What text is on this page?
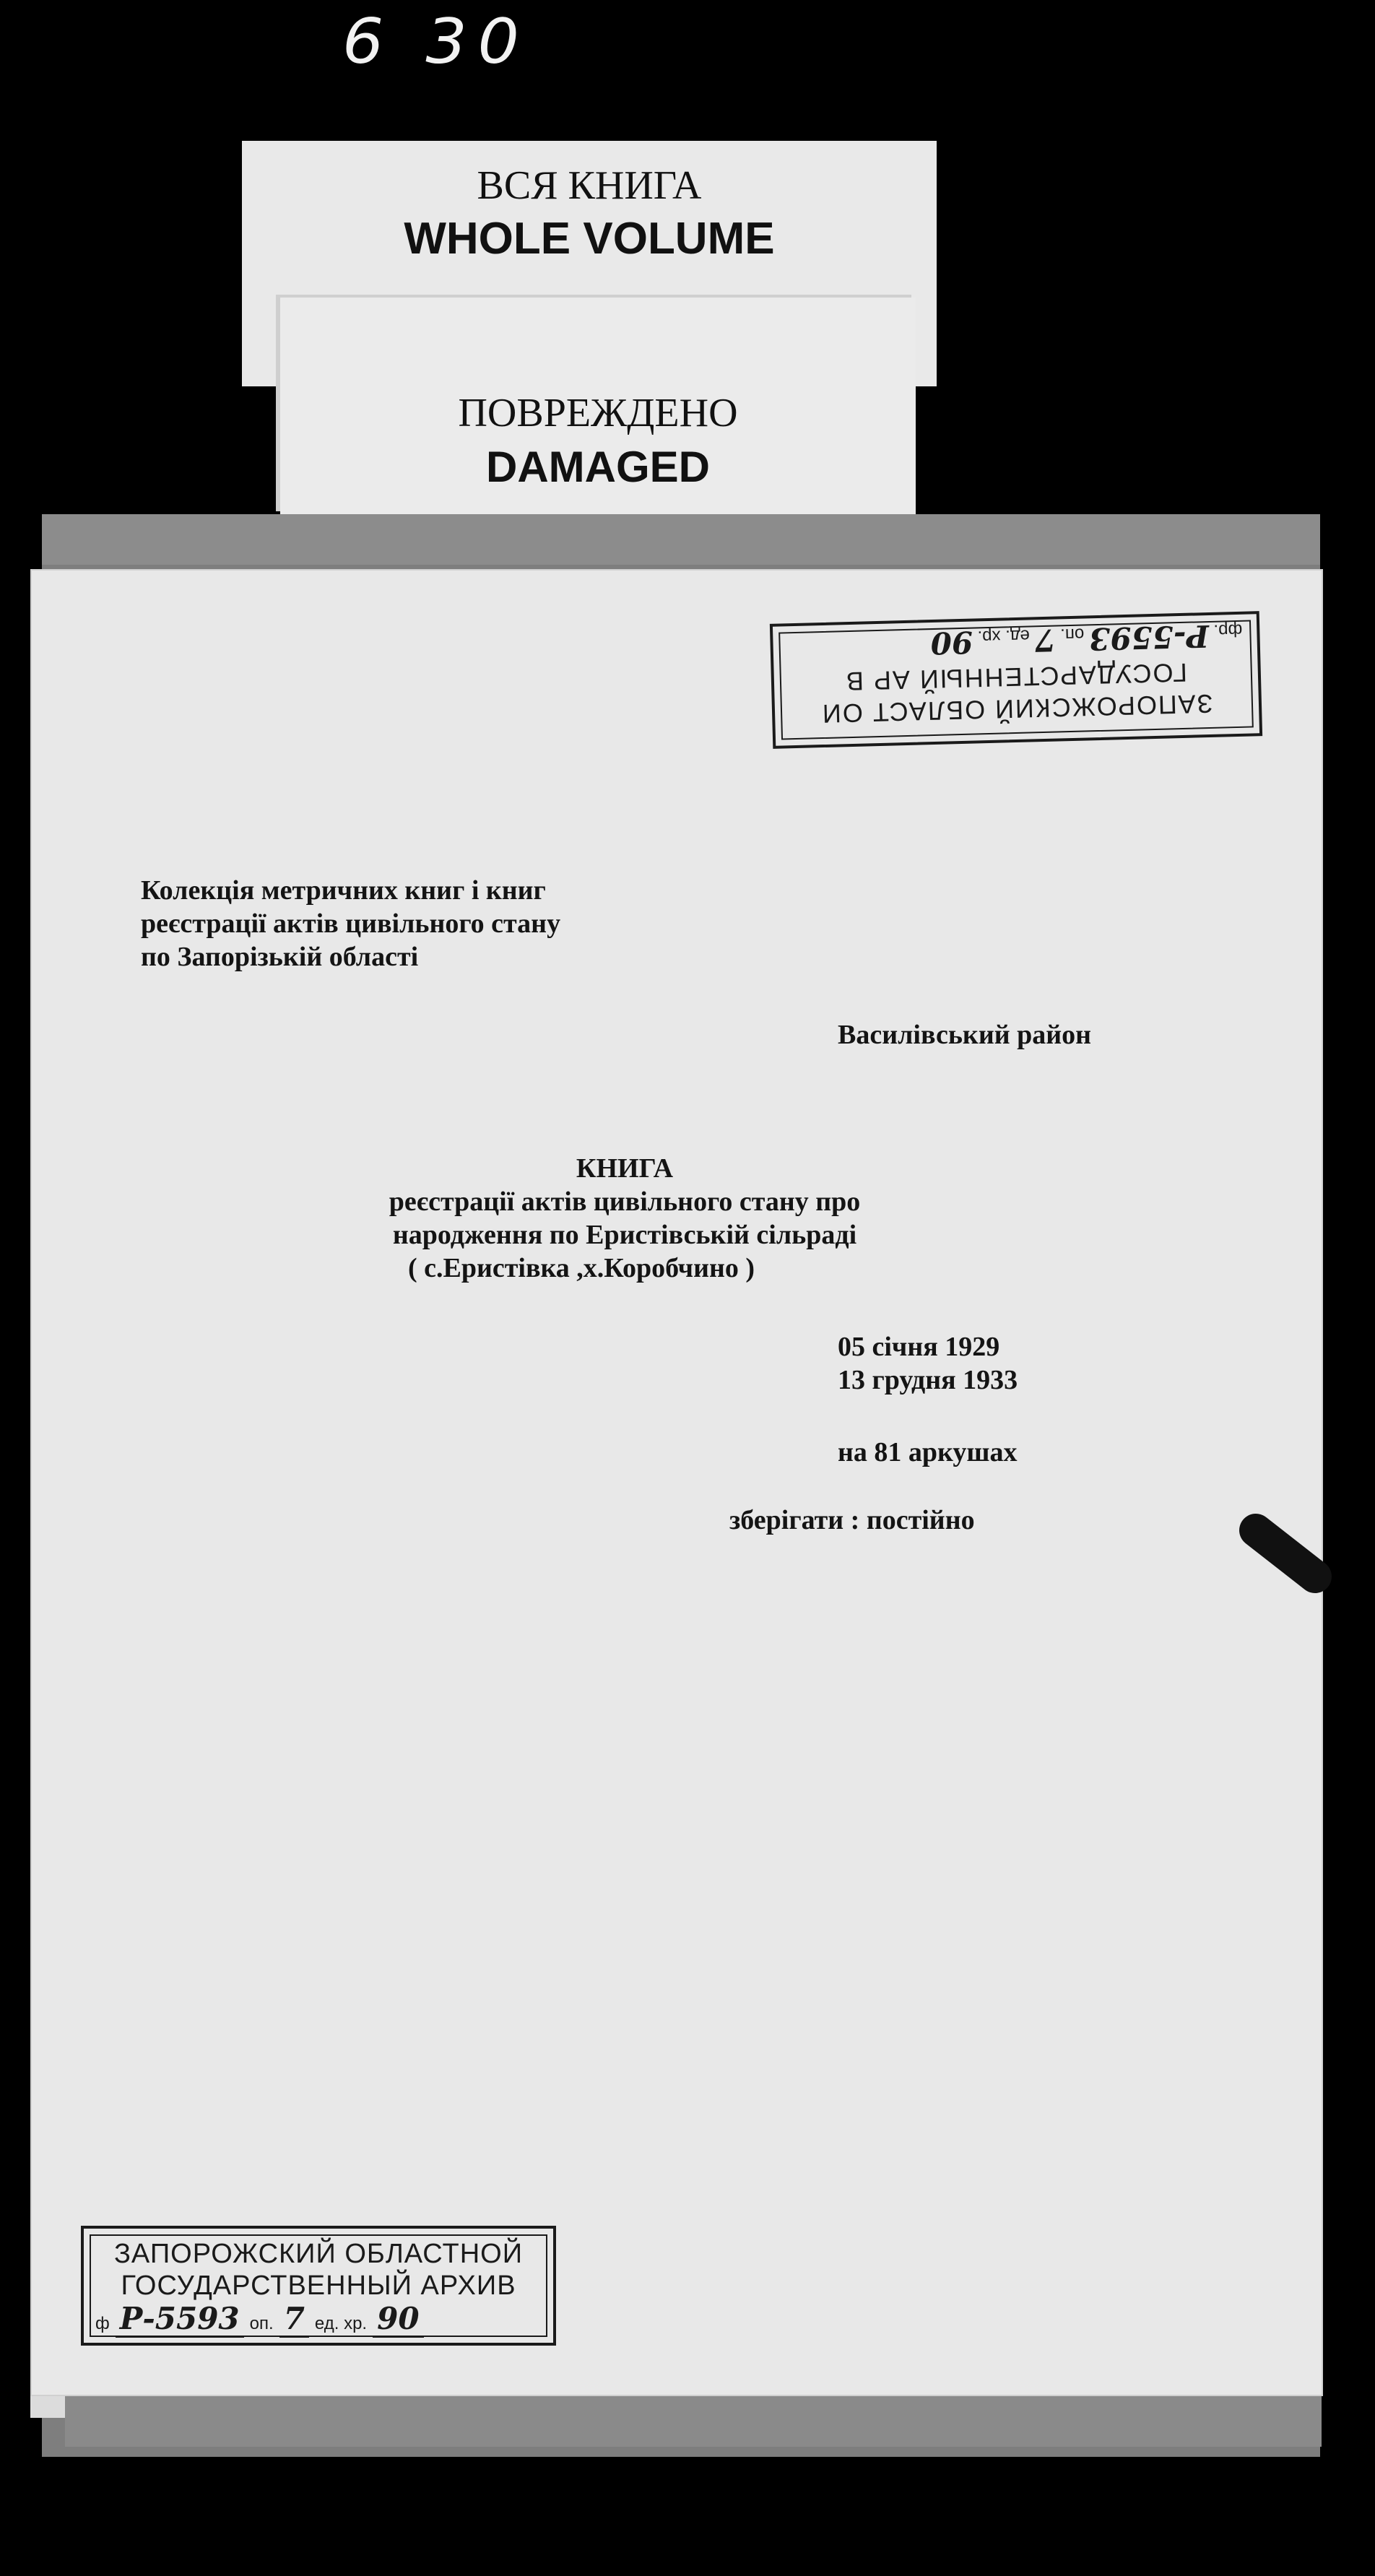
6 30
ВСЯ КНИГА
WHOLE VOLUME
ПОВРЕЖДЕНО
DAMAGED
ЗАПОРОЖСКИЙ ОБЛАСТ ОИ
ГОСУДАРСТЕННЫЙ АР В
фр. Р-5593 оп. 7 ед. хр. 90
Колекція метричних книг і книг
реєстрації актів цивільного стану
по Запорізькій області
Василівський район
КНИГА
реєстрації актів цивільного стану про
народження по Еристівській сільраді
( с.Еристівка ,х.Коробчино )
05 січня 1929
13 грудня 1933
на 81 аркушах
зберігати : постійно
ЗАПОРОЖСКИЙ ОБЛАСТНОЙ
ГОСУДАРСТВЕННЫЙ АРХИВ
ф Р-5593 оп. 7 ед. хр. 90
